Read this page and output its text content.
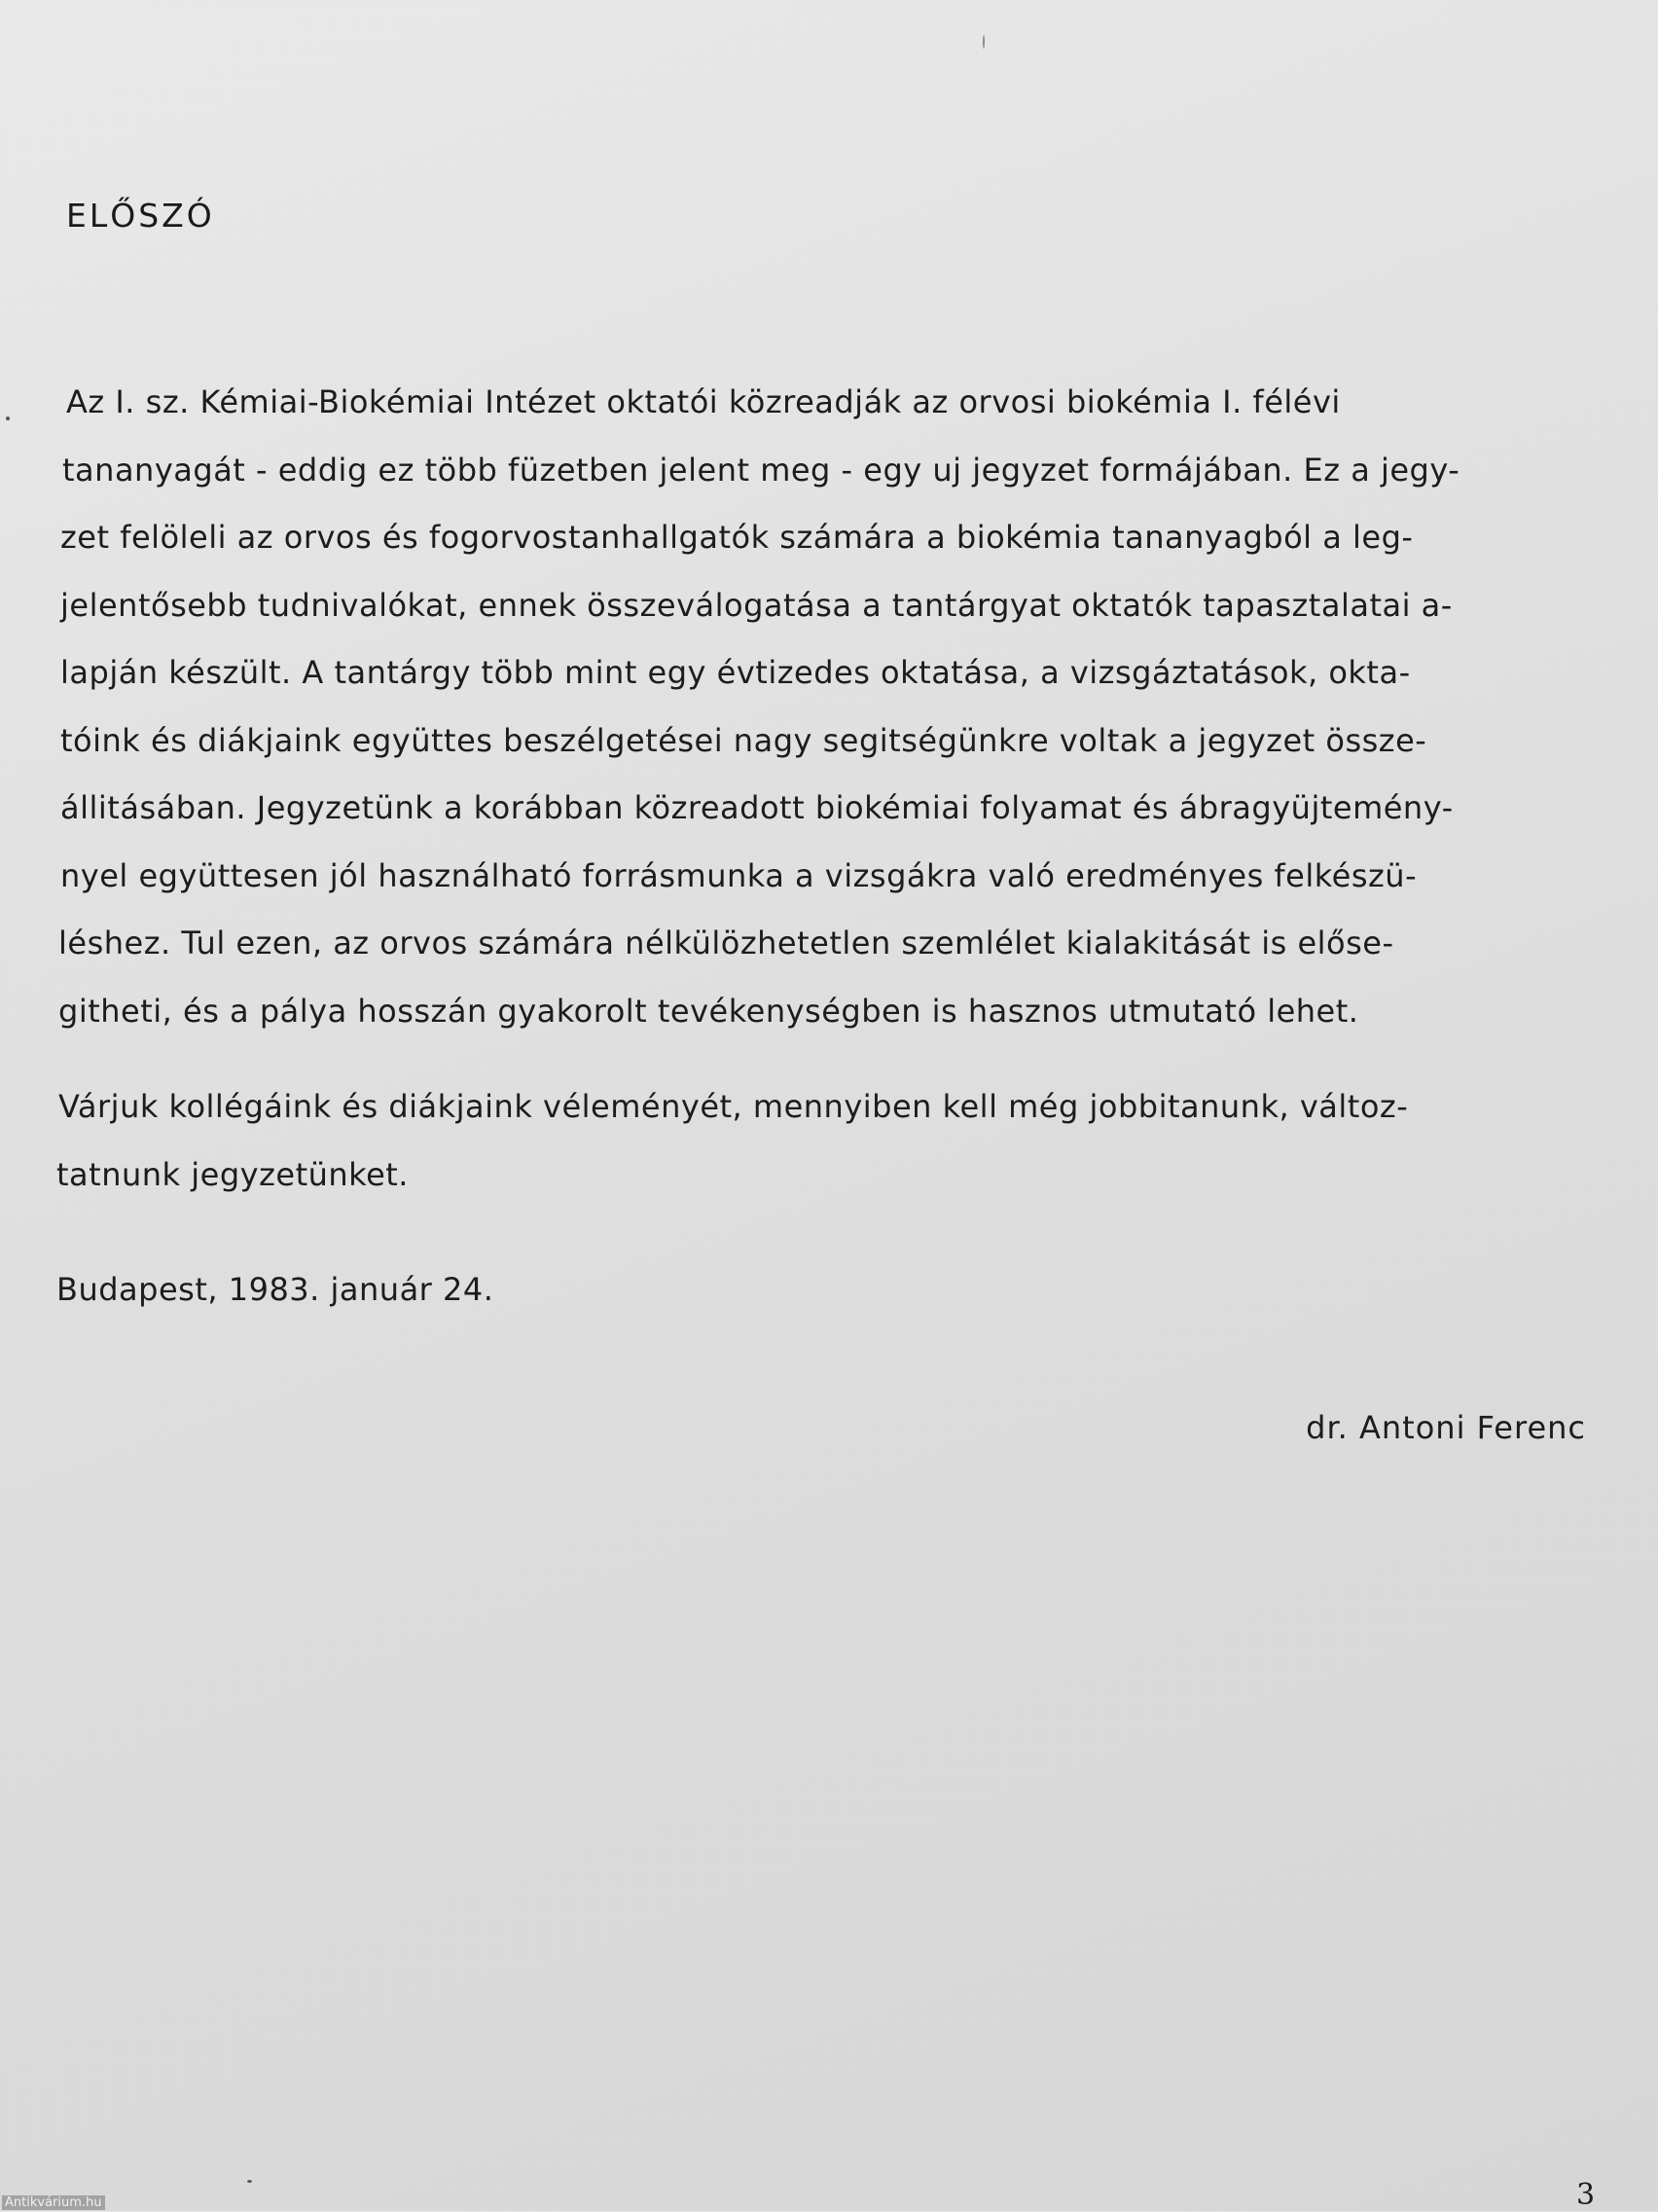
ELŐSZÓ
Az I. sz. Kémiai-Biokémiai Intézet oktatói közreadják az orvosi biokémia I. félévi
tananyagát - eddig ez több füzetben jelent meg - egy uj jegyzet formájában. Ez a jegy-
zet felöleli az orvos és fogorvostanhallgatók számára a biokémia tananyagból a leg-
jelentősebb tudnivalókat, ennek összeválogatása a tantárgyat oktatók tapasztalatai a-
lapján készült. A tantárgy több mint egy évtizedes oktatása, a vizsgáztatások, okta-
tóink és diákjaink együttes beszélgetései nagy segitségünkre voltak a jegyzet össze-
állitásában. Jegyzetünk a korábban közreadott biokémiai folyamat és ábragyüjtemény-
nyel együttesen jól használható forrásmunka a vizsgákra való eredményes felkészü-
léshez. Tul ezen, az orvos számára nélkülözhetetlen szemlélet kialakitását is előse-
githeti, és a pálya hosszán gyakorolt tevékenységben is hasznos utmutató lehet.
Várjuk kollégáink és diákjaink véleményét, mennyiben kell még jobbitanunk, változ-
tatnunk jegyzetünket.
Budapest, 1983. január 24.
dr. Antoni Ferenc
3
Antikvárium.hu
